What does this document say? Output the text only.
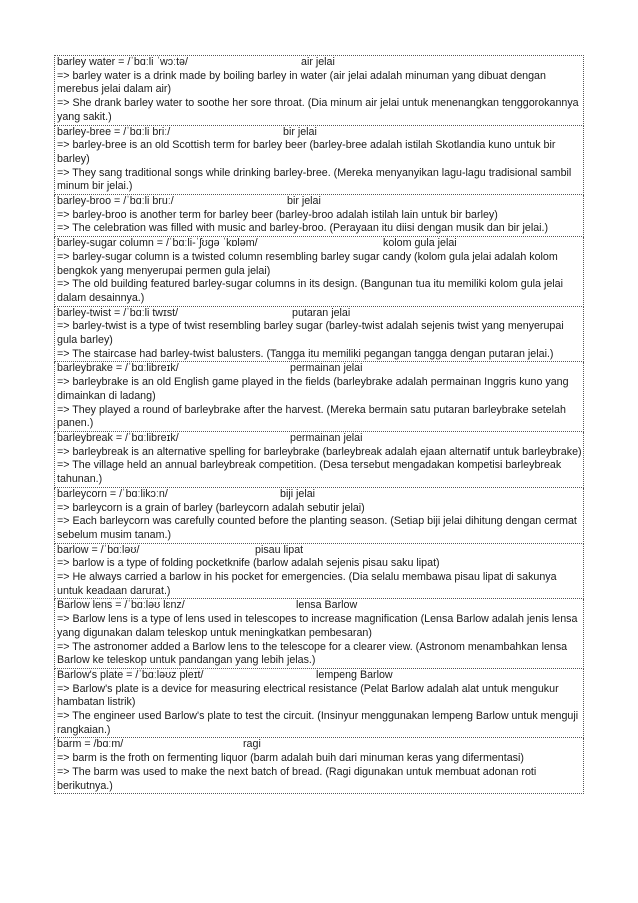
barley water = /ˈbɑːli ˈwɔːtə/	air jelai
=> barley water is a drink made by boiling barley in water (air jelai adalah minuman yang dibuat dengan merebus jelai dalam air)
=> She drank barley water to soothe her sore throat. (Dia minum air jelai untuk menenangkan tenggorokannya yang sakit.)
barley-bree = /ˈbɑːli briː/	bir jelai
=> barley-bree is an old Scottish term for barley beer (barley-bree adalah istilah Skotlandia kuno untuk bir barley)
=> They sang traditional songs while drinking barley-bree. (Mereka menyanyikan lagu-lagu tradisional sambil minum bir jelai.)
barley-broo = /ˈbɑːli bruː/	bir jelai
=> barley-broo is another term for barley beer (barley-broo adalah istilah lain untuk bir barley)
=> The celebration was filled with music and barley-broo. (Perayaan itu diisi dengan musik dan bir jelai.)
barley-sugar column = /ˈbɑːli-ˈʃʊɡə ˈkɒləm/	kolom gula jelai
=> barley-sugar column is a twisted column resembling barley sugar candy (kolom gula jelai adalah kolom bengkok yang menyerupai permen gula jelai)
=> The old building featured barley-sugar columns in its design. (Bangunan tua itu memiliki kolom gula jelai dalam desainnya.)
barley-twist = /ˈbɑːli twɪst/	putaran jelai
=> barley-twist is a type of twist resembling barley sugar (barley-twist adalah sejenis twist yang menyerupai gula barley)
=> The staircase had barley-twist balusters. (Tangga itu memiliki pegangan tangga dengan putaran jelai.)
barleybrake = /ˈbɑːlibreɪk/	permainan jelai
=> barleybrake is an old English game played in the fields (barleybrake adalah permainan Inggris kuno yang dimainkan di ladang)
=> They played a round of barleybrake after the harvest. (Mereka bermain satu putaran barleybrake setelah panen.)
barleybreak = /ˈbɑːlibreɪk/	permainan jelai
=> barleybreak is an alternative spelling for barleybrake (barleybreak adalah ejaan alternatif untuk barleybrake)
=> The village held an annual barleybreak competition. (Desa tersebut mengadakan kompetisi barleybreak tahunan.)
barleycorn = /ˈbɑːlikɔːn/	biji jelai
=> barleycorn is a grain of barley (barleycorn adalah sebutir jelai)
=> Each barleycorn was carefully counted before the planting season. (Setiap biji jelai dihitung dengan cermat sebelum musim tanam.)
barlow = /ˈbɑːləʊ/	pisau lipat
=> barlow is a type of folding pocketknife (barlow adalah sejenis pisau saku lipat)
=> He always carried a barlow in his pocket for emergencies. (Dia selalu membawa pisau lipat di sakunya untuk keadaan darurat.)
Barlow lens = /ˈbɑːləʊ lɛnz/	lensa Barlow
=> Barlow lens is a type of lens used in telescopes to increase magnification (Lensa Barlow adalah jenis lensa yang digunakan dalam teleskop untuk meningkatkan pembesaran)
=> The astronomer added a Barlow lens to the telescope for a clearer view. (Astronom menambahkan lensa Barlow ke teleskop untuk pandangan yang lebih jelas.)
Barlow's plate = /ˈbɑːləʊz pleɪt/	lempeng Barlow
=> Barlow's plate is a device for measuring electrical resistance (Pelat Barlow adalah alat untuk mengukur hambatan listrik)
=> The engineer used Barlow's plate to test the circuit. (Insinyur menggunakan lempeng Barlow untuk menguji rangkaian.)
barm = /bɑːm/	ragi
=> barm is the froth on fermenting liquor (barm adalah buih dari minuman keras yang difermentasi)
=> The barm was used to make the next batch of bread. (Ragi digunakan untuk membuat adonan roti berikutnya.)
